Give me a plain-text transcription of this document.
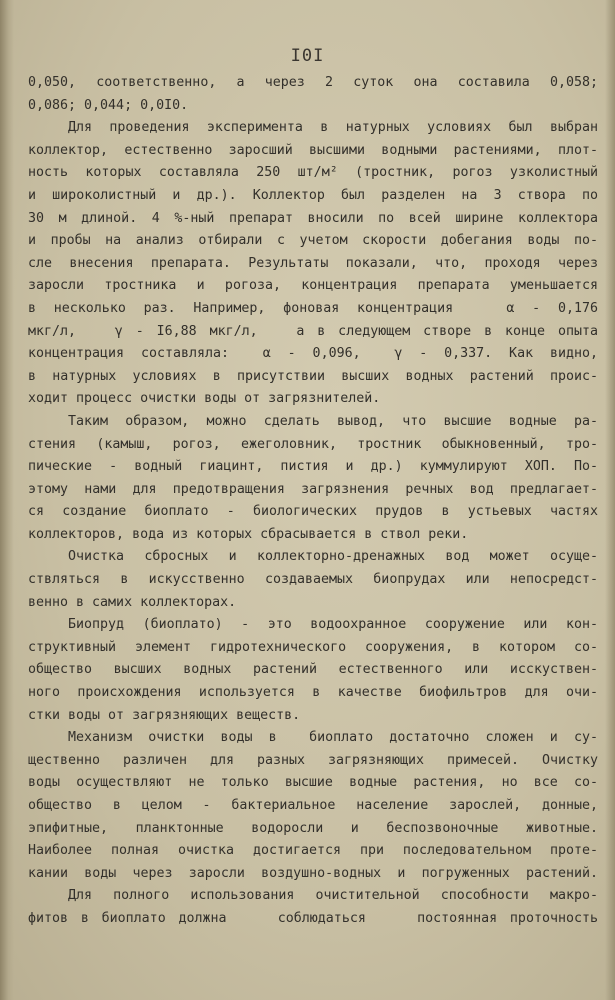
I0I

0,050, соответственно, а через 2 суток она составила 0,058;
0,086; 0,044; 0,0I0.

Для проведения эксперимента в натурных условиях был выбран
коллектор, естественно заросший высшими водными растениями, плот-
ность которых составляла 250 шт/м² (тростник, рогоз узколистный
и широколистный и др.). Коллектор был разделен на 3 створа по
30 м длиной. 4 %-ный препарат вносили по всей ширине коллектора
и пробы на анализ отбирали с учетом скорости добегания воды по-
сле внесения препарата. Результаты показали, что, проходя через
заросли тростника и рогоза, концентрация препарата уменьшается
в несколько раз. Например, фоновая концентрация   α - 0,176
мкг/л,   γ - I6,88 мкг/л,   а в следующем створе в конце опыта
концентрация составляла:  α - 0,096,  γ - 0,337. Как видно,
в натурных условиях в присутствии высших водных растений проис-
ходит процесс очистки воды от загрязнителей.

Таким образом, можно сделать вывод, что высшие водные ра-
стения (камыш, рогоз, ежеголовник, тростник обыкновенный, тро-
пические - водный гиацинт, пистия и др.) куммулируют ХОП. По-
этому нами для предотвращения загрязнения речных вод предлагает-
ся создание биоплато - биологических прудов в устьевых частях
коллекторов, вода из которых сбрасывается в ствол реки.

Очистка сбросных и коллекторно-дренажных вод может осуще-
ствляться в искусственно создаваемых биопрудах или непосредст-
венно в самих коллекторах.

Биопруд (биоплато) - это водоохранное сооружение или кон-
структивный элемент гидротехнического сооружения, в котором со-
общество высших водных растений естественного или исскуствен-
ного происхождения используется в качестве биофильтров для очи-
стки воды от загрязняющих веществ.

Механизм очистки воды в  биоплато достаточно сложен и су-
щественно различен для разных загрязняющих примесей. Очистку
воды осуществляют не только высшие водные растения, но все со-
общество в целом - бактериальное население зарослей, донные,
эпифитные, планктонные водоросли и беспозвоночные животные.
Наиболее полная очистка достигается при последовательном проте-
кании воды через заросли воздушно-водных и погруженных растений.

Для полного использования очистительной способности макро-
фитов в биоплато должна    соблюдаться    постоянная проточность
